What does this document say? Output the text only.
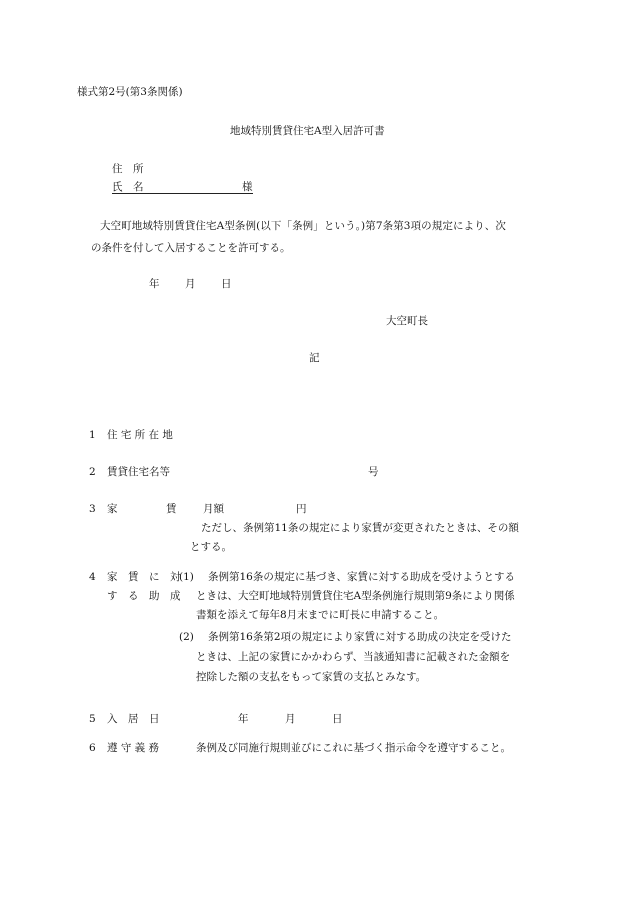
様式第2号(第3条関係)
地域特別賃貸住宅A型入居許可書
住　所
氏　名	様
大空町地域特別賃貸住宅A型条例(以下「条例」という。)第7条第3項の規定により、次
の条件を付して入居することを許可する。
年 月 日
大空町長
記
1 住 宅 所 在 地
2 賃貸住宅名等	号
3 家	賃	月額	円
ただし、条例第11条の規定により家賃が変更されたときは、その額
とする。
4 家　賃　に　対
す　る　助　成
(1) 条例第16条の規定に基づき、家賃に対する助成を受けようとする
ときは、大空町地域特別賃貸住宅A型条例施行規則第9条により関係
書類を添えて毎年8月末までに町長に申請すること。
(2) 条例第16条第2項の規定により家賃に対する助成の決定を受けた
ときは、上記の家賃にかかわらず、当該通知書に記載された金額を
控除した額の支払をもって家賃の支払とみなす。
5 入　居　日	年	月	日
6 遵 守 義 務	条例及び同施行規則並びにこれに基づく指示命令を遵守すること。
